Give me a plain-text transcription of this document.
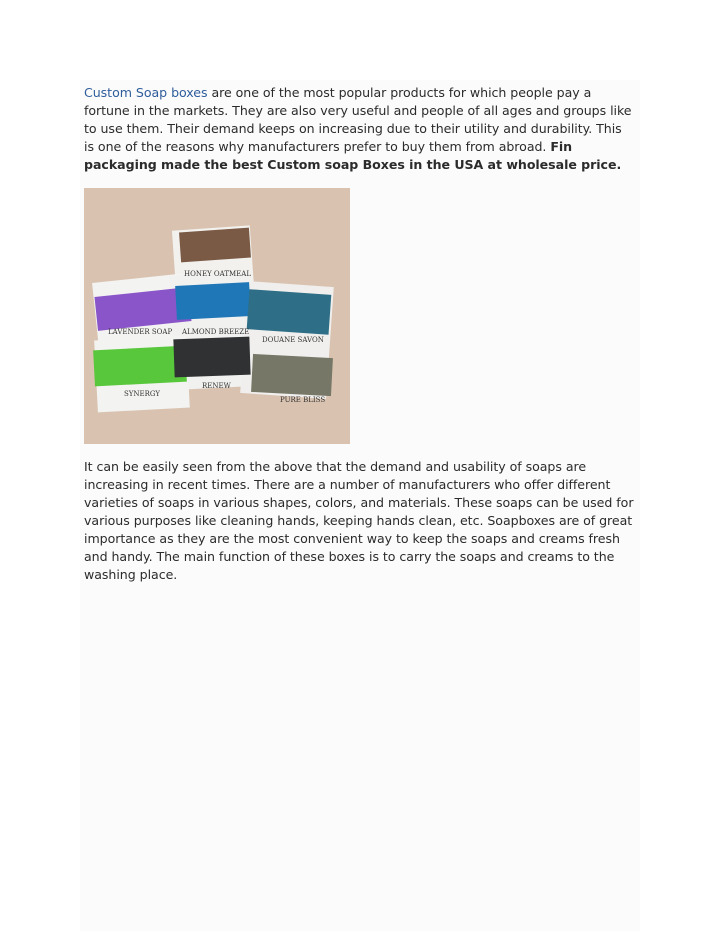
Custom Soap boxes are one of the most popular products for which people pay a fortune in the markets. They are also very useful and people of all ages and groups like to use them. Their demand keeps on increasing due to their utility and durability. This is one of the reasons why manufacturers prefer to buy them from abroad. Fin packaging made the best Custom soap Boxes in the USA at wholesale price.

HONEY OATMEAL
ALMOND BREEZE
LAVENDER SOAP
DOUANE SAVON
SYNERGY
RENEW
PURE BLISS

It can be easily seen from the above that the demand and usability of soaps are increasing in recent times. There are a number of manufacturers who offer different varieties of soaps in various shapes, colors, and materials. These soaps can be used for various purposes like cleaning hands, keeping hands clean, etc. Soapboxes are of great importance as they are the most convenient way to keep the soaps and creams fresh and handy. The main function of these boxes is to carry the soaps and creams to the washing place.
